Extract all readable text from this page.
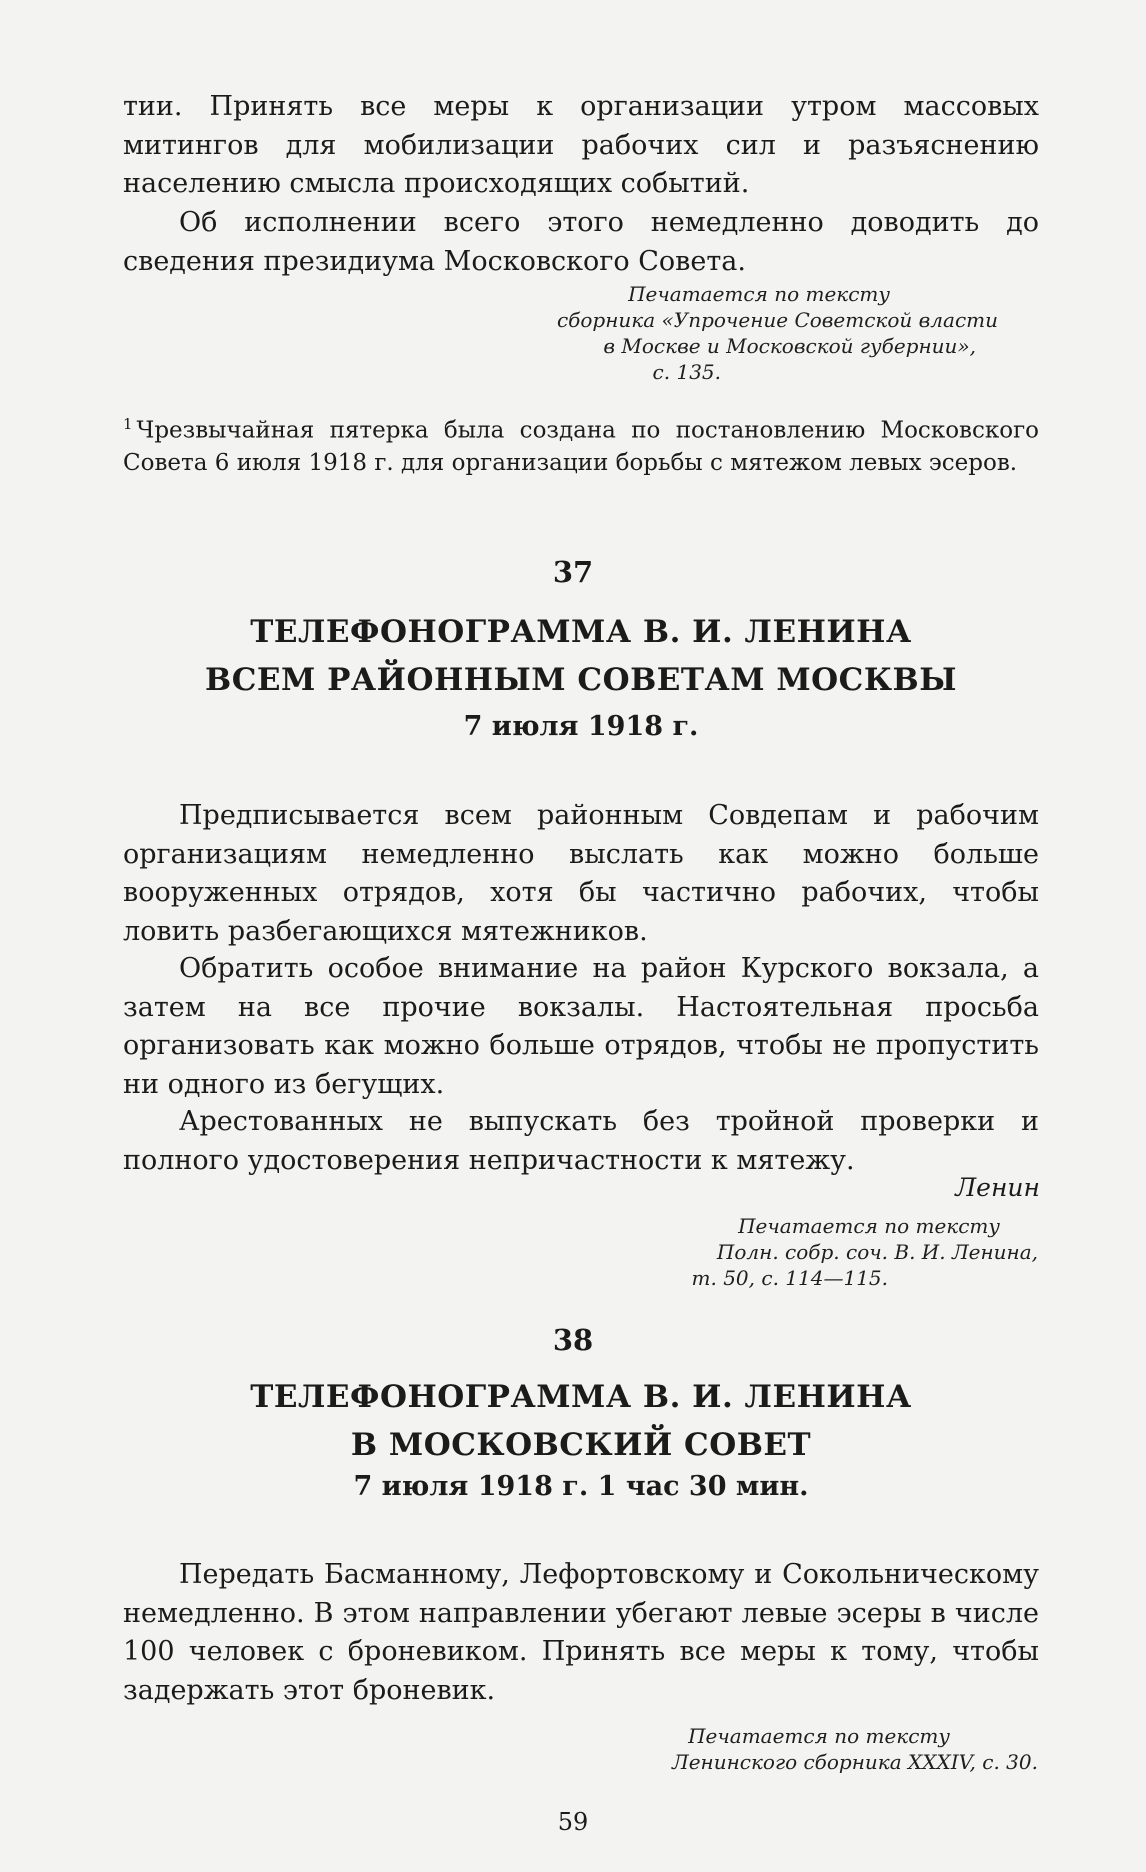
тии. Принять все меры к организации утром массовых митингов для мобилизации рабочих сил и разъяснению населению смысла происходящих событий.

Об исполнении всего этого немедленно доводить до сведения президиума Московского Совета.

Печатается по тексту
сборника «Упрочение Советской власти
в Москве и Московской губернии»,
с. 135.

$^1$ Чрезвычайная пятерка была создана по постановлению Московского Совета 6 июля 1918 г. для организации борьбы с мятежом левых эсеров.

37

ТЕЛЕФОНОГРАММА В. И. ЛЕНИНА
ВСЕМ РАЙОННЫМ СОВЕТАМ МОСКВЫ

7 июля 1918 г.

Предписывается всем районным Совдепам и рабочим организациям немедленно выслать как можно больше вооруженных отрядов, хотя бы частично рабочих, чтобы ловить разбегающихся мятежников.

Обратить особое внимание на район Курского вокзала, а затем на все прочие вокзалы. Настоятельная просьба организовать как можно больше отрядов, чтобы не пропустить ни одного из бегущих.

Арестованных не выпускать без тройной проверки и полного удостоверения непричастности к мятежу.

Ленин

Печатается по тексту
Полн. собр. соч. В. И. Ленина,
т. 50, с. 114—115.

38

ТЕЛЕФОНОГРАММА В. И. ЛЕНИНА
В МОСКОВСКИЙ СОВЕТ

7 июля 1918 г. 1 час 30 мин.

Передать Басманному, Лефортовскому и Сокольническому немедленно. В этом направлении убегают левые эсеры в числе 100 человек с броневиком. Принять все меры к тому, чтобы задержать этот броневик.

Печатается по тексту
Ленинского сборника XXXIV, с. 30.

59
